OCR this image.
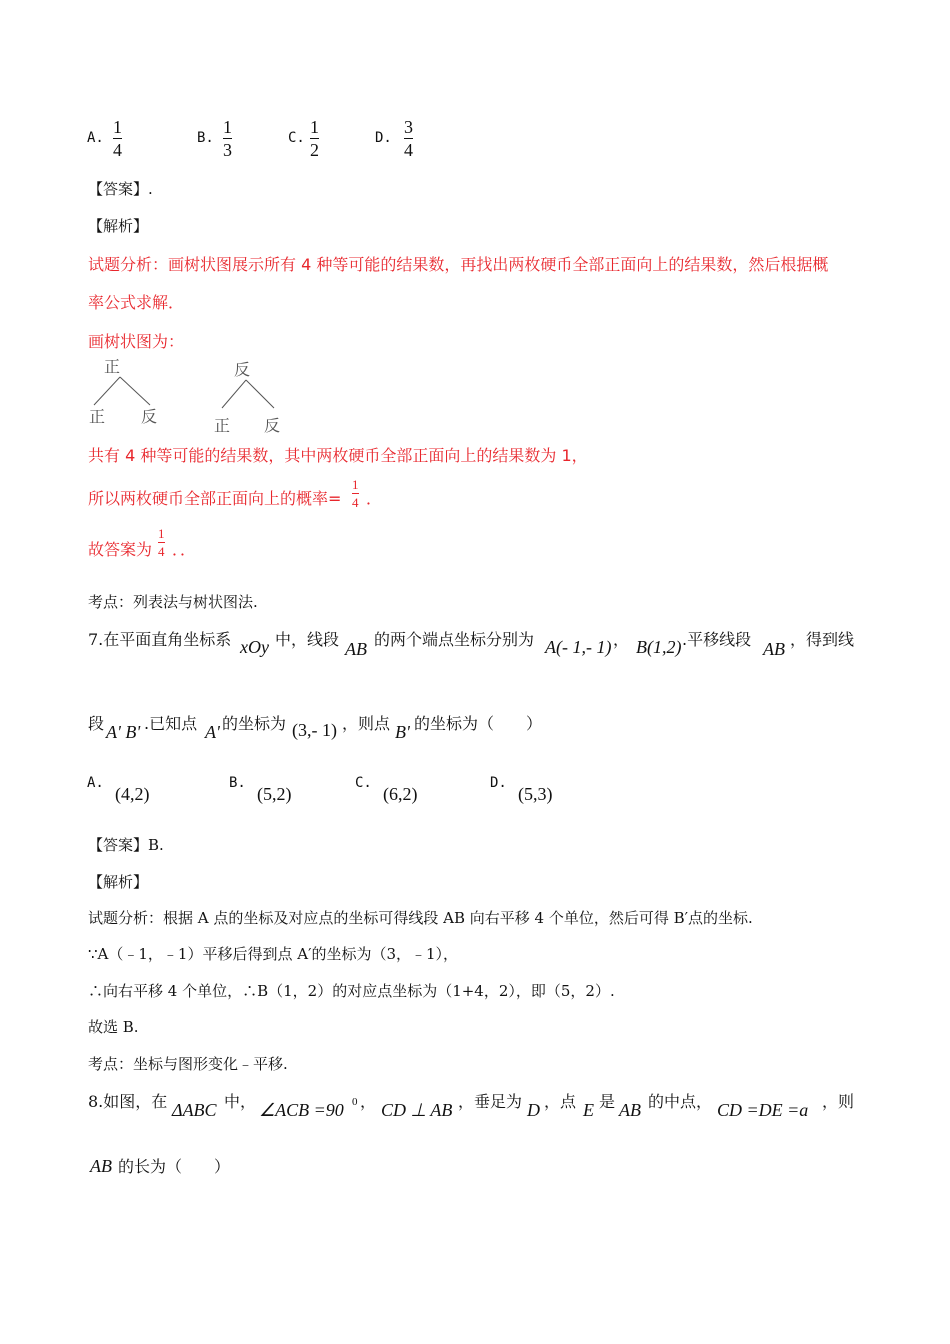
A.
1
4
B.
1
3
C.
1
2
D.
3
4
【答案】.
【解析】
试题分析：画树状图展示所有 4 种等可能的结果数，再找出两枚硬币全部正面向上的结果数，然后根据概
率公式求解．
画树状图为：
正
正 反
反
正 反
共有 4 种等可能的结果数，其中两枚硬币全部正面向上的结果数为 1，
所以两枚硬币全部正面向上的概率=
1
4 ．
故答案为
1
4 ．．
考点：列表法与树状图法.
7.在平面直角坐标系 xOy 中，线段 AB 的两个端点坐标分别为 A(- 1,- 1) ， B(1,2) .平移线段 AB ，得到线
段 A' B' .已知点 A' 的坐标为 (3,- 1) ，则点 B' 的坐标为（　　）
A.
(4,2)
B.
(5,2)
C.
(6,2)
D.
(5,3)
【答案】B.
【解析】
试题分析：根据 A 点的坐标及对应点的坐标可得线段 AB 向右平移 4 个单位，然后可得 B′点的坐标.
∵A（﹣1，﹣1）平移后得到点 A′的坐标为（3，﹣1），
∴向右平移 4 个单位，∴B（1，2）的对应点坐标为（1+4，2），即（5，2）.
故选 B.
考点：坐标与图形变化﹣平移.
8.如图，在 ΔABC 中， ∠ACB =90 0 ， CD ⊥ AB ，垂足为 D ，点 E 是 AB 的中点， CD =DE =a ，则
AB 的长为（　　）
